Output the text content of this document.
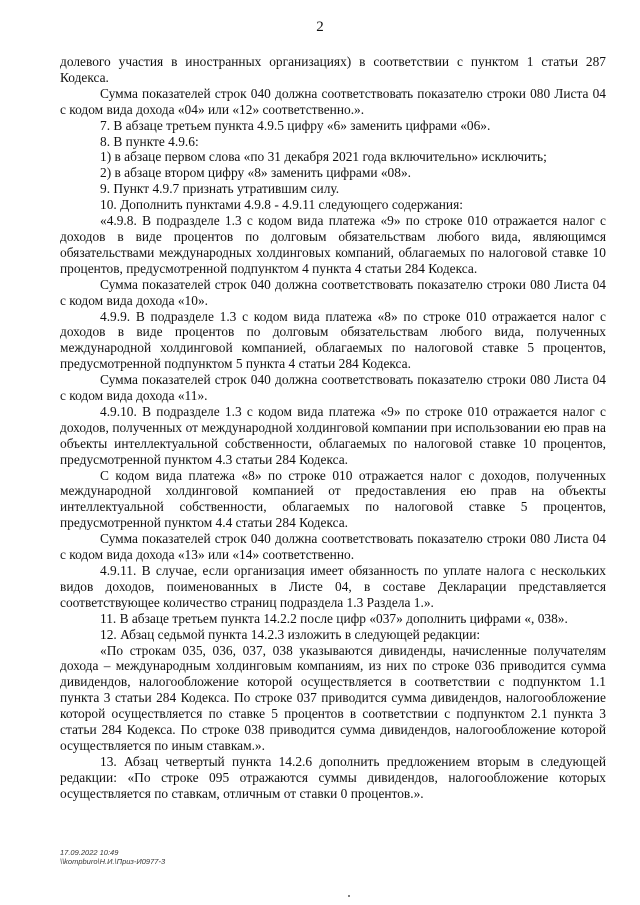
2

долевого участия в иностранных организациях) в соответствии с пунктом 1 статьи 287 Кодекса.

Сумма показателей строк 040 должна соответствовать показателю строки 080 Листа 04 с кодом вида дохода «04» или «12» соответственно.».

7. В абзаце третьем пункта 4.9.5 цифру «6» заменить цифрами «06».

8. В пункте 4.9.6:

1) в абзаце первом слова «по 31 декабря 2021 года включительно» исключить;

2) в абзаце втором цифру «8» заменить цифрами «08».

9. Пункт 4.9.7 признать утратившим силу.

10. Дополнить пунктами 4.9.8 - 4.9.11 следующего содержания:

«4.9.8. В подразделе 1.3 с кодом вида платежа «9» по строке 010 отражается налог с доходов в виде процентов по долговым обязательствам любого вида, являющимся обязательствами международных холдинговых компаний, облагаемых по налоговой ставке 10 процентов, предусмотренной подпунктом 4 пункта 4 статьи 284 Кодекса.

Сумма показателей строк 040 должна соответствовать показателю строки 080 Листа 04 с кодом вида дохода «10».

4.9.9. В подразделе 1.3 с кодом вида платежа «8» по строке 010 отражается налог с доходов в виде процентов по долговым обязательствам любого вида, полученных международной холдинговой компанией, облагаемых по налоговой ставке 5 процентов, предусмотренной подпунктом 5 пункта 4 статьи 284 Кодекса.

Сумма показателей строк 040 должна соответствовать показателю строки 080 Листа 04 с кодом вида дохода «11».

4.9.10. В подразделе 1.3 с кодом вида платежа «9» по строке 010 отражается налог с доходов, полученных от международной холдинговой компании при использовании ею прав на объекты интеллектуальной собственности, облагаемых по налоговой ставке 10 процентов, предусмотренной пунктом 4.3 статьи 284 Кодекса.

С кодом вида платежа «8» по строке 010 отражается налог с доходов, полученных международной холдинговой компанией от предоставления ею прав на объекты интеллектуальной собственности, облагаемых по налоговой ставке 5 процентов, предусмотренной пунктом 4.4 статьи 284 Кодекса.

Сумма показателей строк 040 должна соответствовать показателю строки 080 Листа 04 с кодом вида дохода «13» или «14» соответственно.

4.9.11. В случае, если организация имеет обязанность по уплате налога с нескольких видов доходов, поименованных в Листе 04, в составе Декларации представляется соответствующее количество страниц подраздела 1.3 Раздела 1.».

11. В абзаце третьем пункта 14.2.2 после цифр «037» дополнить цифрами «, 038».

12. Абзац седьмой пункта 14.2.3 изложить в следующей редакции:

«По строкам 035, 036, 037, 038 указываются дивиденды, начисленные получателям дохода – международным холдинговым компаниям, из них по строке 036 приводится сумма дивидендов, налогообложение которой осуществляется в соответствии с подпунктом 1.1 пункта 3 статьи 284 Кодекса. По строке 037 приводится сумма дивидендов, налогообложение которой осуществляется по ставке 5 процентов в соответствии с подпунктом 2.1 пункта 3 статьи 284 Кодекса. По строке 038 приводится сумма дивидендов, налогообложение которой осуществляется по иным ставкам.».

13. Абзац четвертый пункта 14.2.6 дополнить предложением вторым в следующей редакции: «По строке 095 отражаются суммы дивидендов, налогообложение которых осуществляется по ставкам, отличным от ставки 0 процентов.».

17.09.2022 10:49
\\kompburo\Н.И.\Приз-И0977-3
